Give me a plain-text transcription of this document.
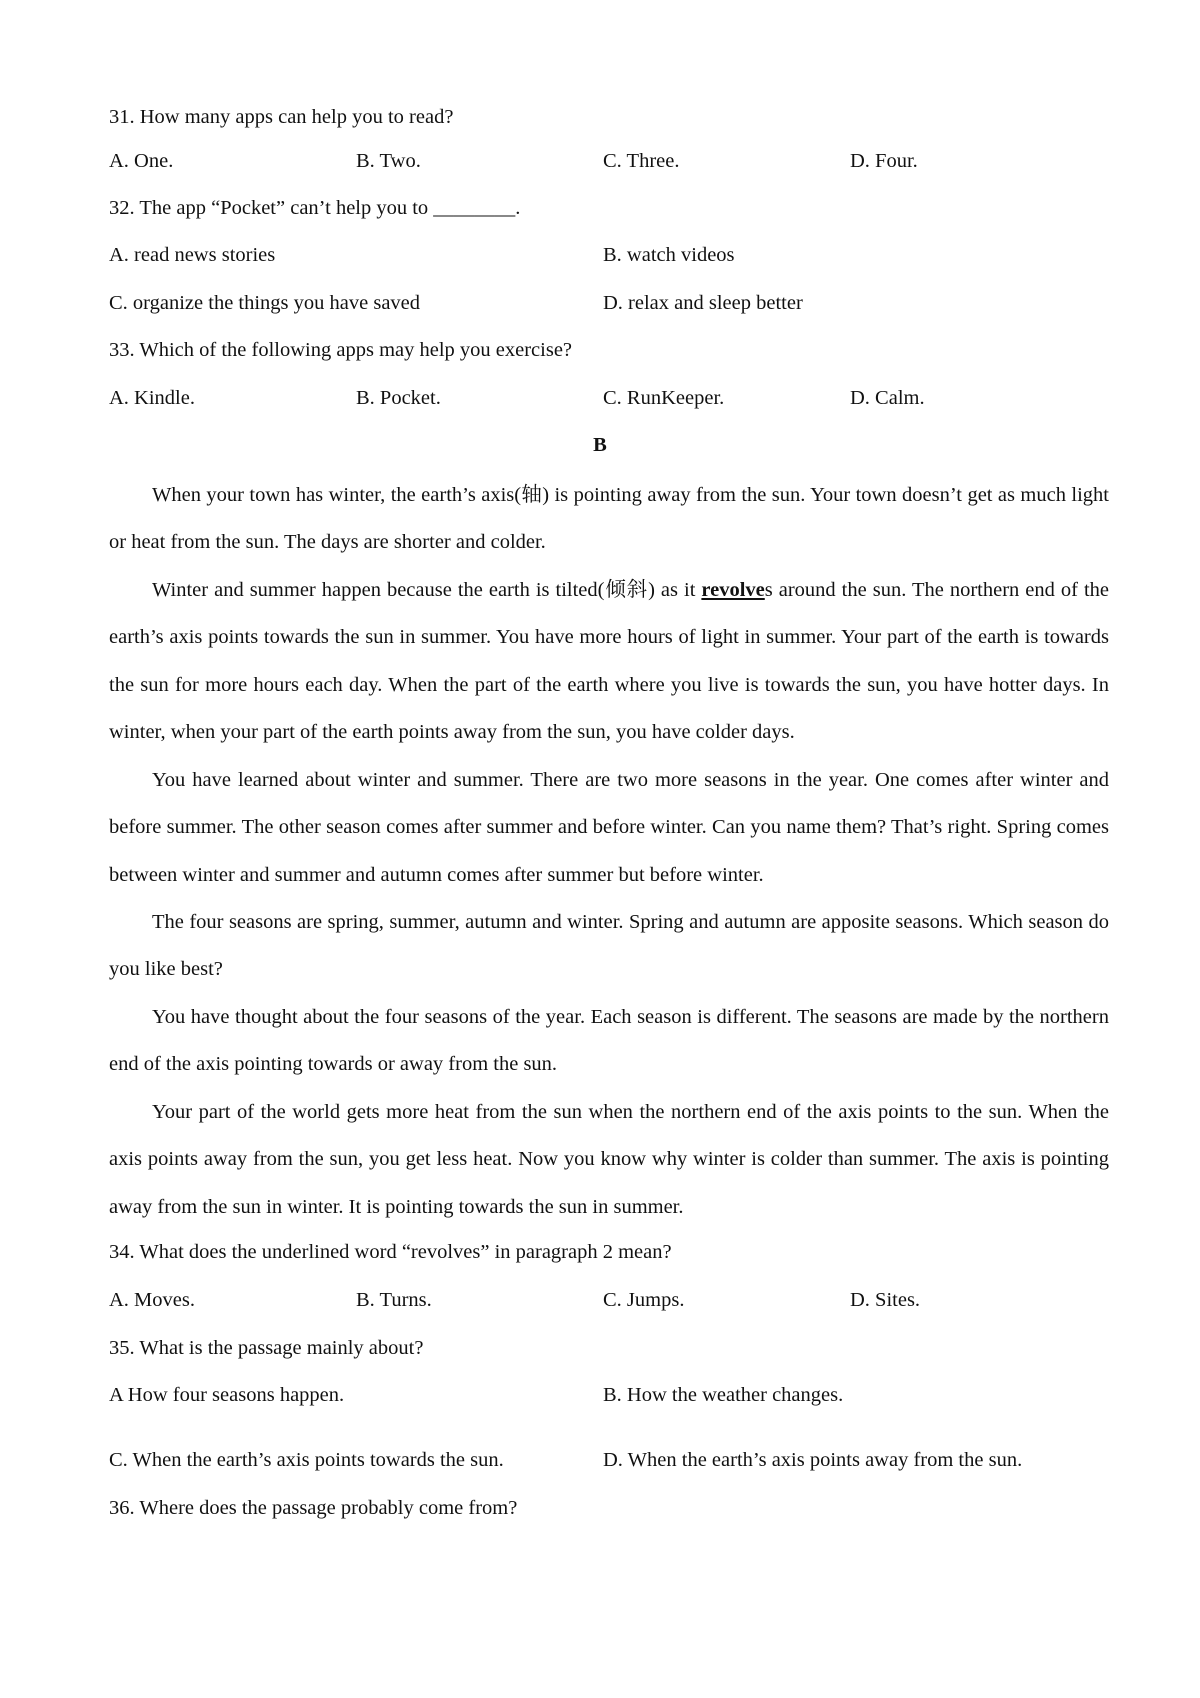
31. How many apps can help you to read?
A. One.	B. Two.	C. Three.	D. Four.
32. The app “Pocket” can’t help you to ________.
A. read news stories	B. watch videos
C. organize the things you have saved	D. relax and sleep better
33. Which of the following apps may help you exercise?
A. Kindle.	B. Pocket.	C. RunKeeper.	D. Calm.
B

When your town has winter, the earth’s axis(轴) is pointing away from the sun. Your town doesn’t get as much light or heat from the sun. The days are shorter and colder.

Winter and summer happen because the earth is tilted(倾斜) as it revolves around the sun. The northern end of the earth’s axis points towards the sun in summer. You have more hours of light in summer. Your part of the earth is towards the sun for more hours each day. When the part of the earth where you live is towards the sun, you have hotter days. In winter, when your part of the earth points away from the sun, you have colder days.

You have learned about winter and summer. There are two more seasons in the year. One comes after winter and before summer. The other season comes after summer and before winter. Can you name them? That’s right. Spring comes between winter and summer and autumn comes after summer but before winter.

The four seasons are spring, summer, autumn and winter. Spring and autumn are apposite seasons. Which season do you like best?

You have thought about the four seasons of the year. Each season is different. The seasons are made by the northern end of the axis pointing towards or away from the sun.

Your part of the world gets more heat from the sun when the northern end of the axis points to the sun. When the axis points away from the sun, you get less heat. Now you know why winter is colder than summer. The axis is pointing away from the sun in winter. It is pointing towards the sun in summer.

34. What does the underlined word “revolves” in paragraph 2 mean?
A. Moves.	B. Turns.	C. Jumps.	D. Sites.
35. What is the passage mainly about?
A How four seasons happen.	B. How the weather changes.
C. When the earth’s axis points towards the sun.	D. When the earth’s axis points away from the sun.
36. Where does the passage probably come from?
